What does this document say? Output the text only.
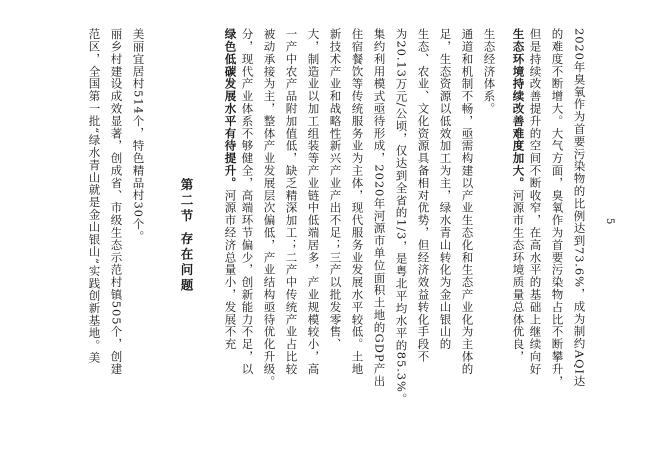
范区，全国第一批“绿水青山就是金山银山”实践创新基地。美 丽乡村建设成效显著，创成省、市级生态示范村镇505个，创建 美丽宜居村514个，特色精品村30个。	第二节 存在问题
绿色低碳发展水平有待提升。河源市经济总量小，发展不充 分，现代产业体系不够健全，高端环节偏少，创新能力不足，以 被动承接为主，整体产业发展层次偏低，产业结构亟待优化升级。 一产中农产品附加值低，缺乏精深加工；二产中传统产业占比较 大，制造业以加工组装等产业链中低端居多，产业规模较小，高 新技术产业和战略性新兴产业产出不足；三产以批发零售、 住宿餐饮等传统服务业为主体，现代服务业发展水平较低。土地 集约利用模式亟待形成，2020年河源市单位面积土地的GDP产出 为20.13万元/公顷，仅达到全省的1/3，是粤北平均水平的85.3%。 生态、农业、文化资源具备相对优势，但经济效益转化手段不 足，生态资源以低效加工为主，绿水青山转化为金山银山的 通道和机制不畅，亟需构建以产业生态化和生态产业化为主体的 生态经济体系。	生态环境持续改善难度加大。河源市生态环境质量总体优良， 但是持续改善提升的空间不断收窄，在高水平的基础上继续向好 的难度不断增大。大气方面，臭氧作为首要污染物占比不断攀升， 2020年臭氧作为首要污染物的比例达到73.6%，成为制约AQI达 5
